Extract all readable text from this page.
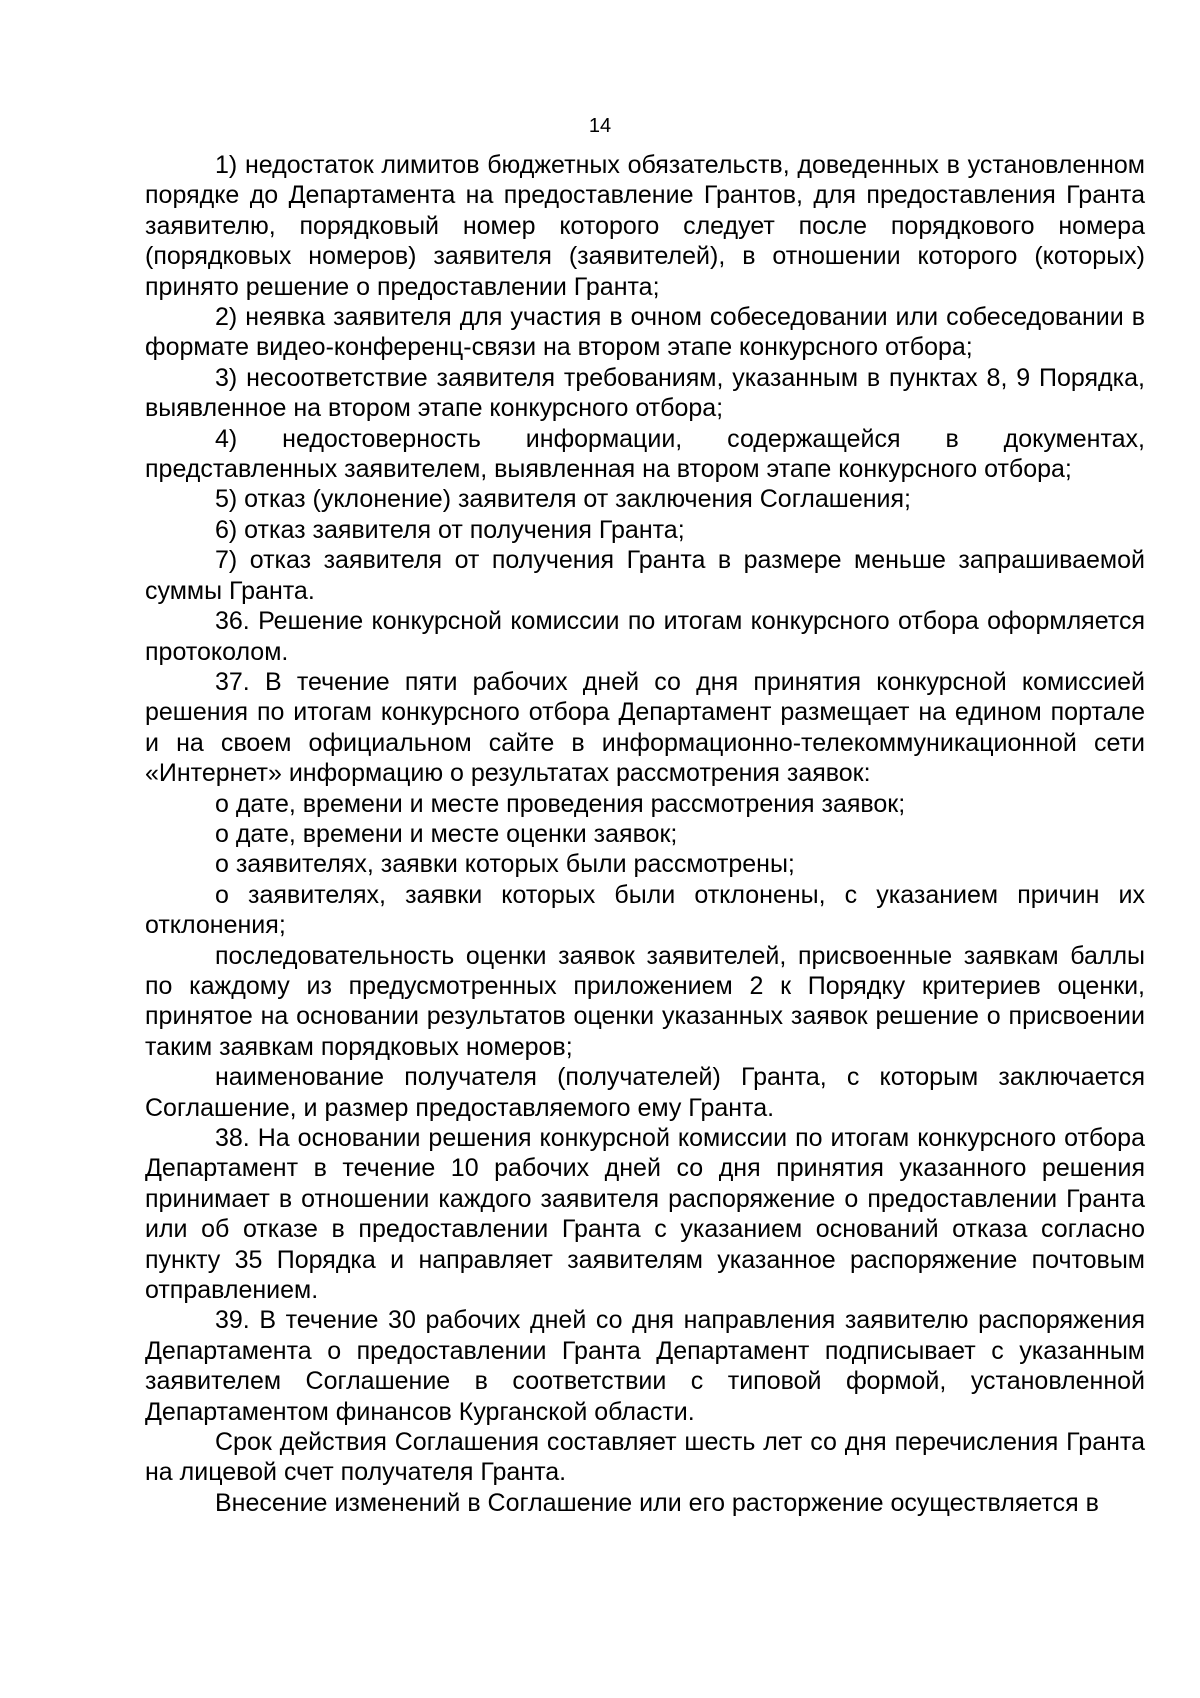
14

1) недостаток лимитов бюджетных обязательств, доведенных в установленном порядке до Департамента на предоставление Грантов, для предоставления Гранта заявителю, порядковый номер которого следует после порядкового номера (порядковых номеров) заявителя (заявителей), в отношении которого (которых) принято решение о предоставлении Гранта;

2) неявка заявителя для участия в очном собеседовании или собеседовании в формате видео-конференц-связи на втором этапе конкурсного отбора;

3) несоответствие заявителя требованиям, указанным в пунктах 8, 9 Порядка, выявленное на втором этапе конкурсного отбора;

4) недостоверность информации, содержащейся в документах, представленных заявителем, выявленная на втором этапе конкурсного отбора;

5) отказ (уклонение) заявителя от заключения Соглашения;

6) отказ заявителя от получения Гранта;

7) отказ заявителя от получения Гранта в размере меньше запрашиваемой суммы Гранта.

36. Решение конкурсной комиссии по итогам конкурсного отбора оформляется протоколом.

37. В течение пяти рабочих дней со дня принятия конкурсной комиссией решения по итогам конкурсного отбора Департамент размещает на едином портале и на своем официальном сайте в информационно-телекоммуникационной сети «Интернет» информацию о результатах рассмотрения заявок:

о дате, времени и месте проведения рассмотрения заявок;

о дате, времени и месте оценки заявок;

о заявителях, заявки которых были рассмотрены;

о заявителях, заявки которых были отклонены, с указанием причин их отклонения;

последовательность оценки заявок заявителей, присвоенные заявкам баллы по каждому из предусмотренных приложением 2 к Порядку критериев оценки, принятое на основании результатов оценки указанных заявок решение о присвоении таким заявкам порядковых номеров;

наименование получателя (получателей) Гранта, с которым заключается Соглашение, и размер предоставляемого ему Гранта.

38. На основании решения конкурсной комиссии по итогам конкурсного отбора Департамент в течение 10 рабочих дней со дня принятия указанного решения принимает в отношении каждого заявителя распоряжение о предоставлении Гранта или об отказе в предоставлении Гранта с указанием оснований отказа согласно пункту 35 Порядка и направляет заявителям указанное распоряжение почтовым отправлением.

39. В течение 30 рабочих дней со дня направления заявителю распоряжения Департамента о предоставлении Гранта Департамент подписывает с указанным заявителем Соглашение в соответствии с типовой формой, установленной Департаментом финансов Курганской области.

Срок действия Соглашения составляет шесть лет со дня перечисления Гранта на лицевой счет получателя Гранта.

Внесение изменений в Соглашение или его расторжение осуществляется в
